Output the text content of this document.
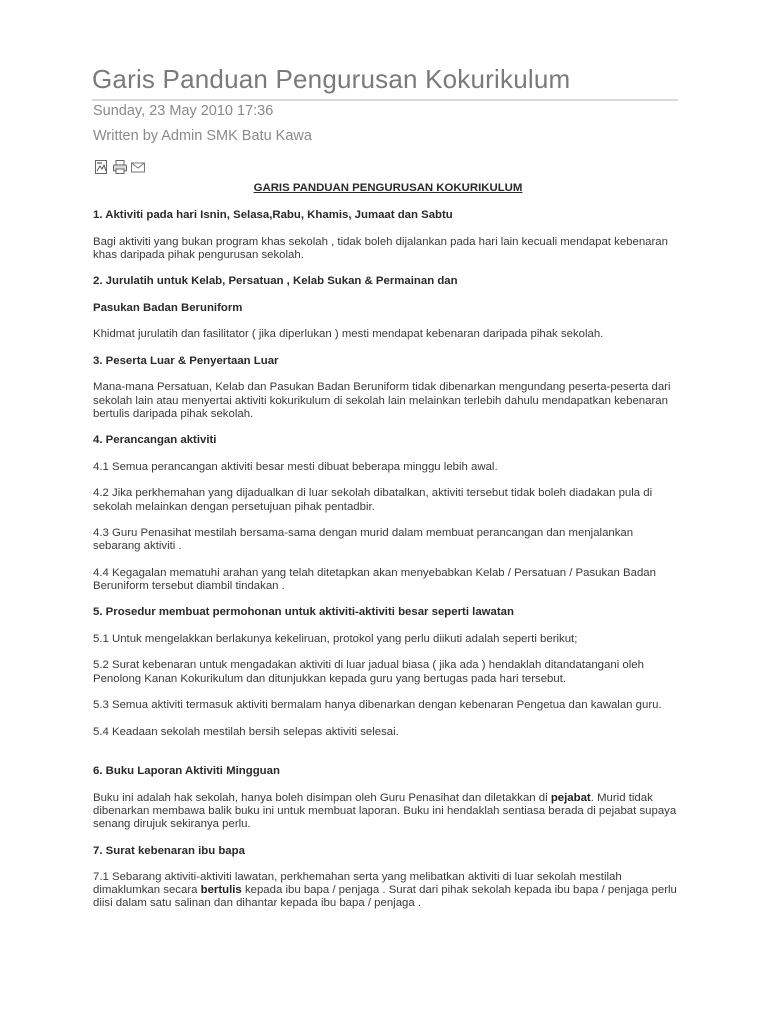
Garis Panduan Pengurusan Kokurikulum
Sunday, 23 May 2010 17:36
Written by Admin SMK Batu Kawa

GARIS PANDUAN PENGURUSAN KOKURIKULUM

1. Aktiviti pada hari Isnin, Selasa,Rabu, Khamis, Jumaat dan Sabtu

Bagi aktiviti yang bukan program khas sekolah , tidak boleh dijalankan pada hari lain kecuali mendapat kebenaran khas daripada pihak pengurusan sekolah.

2. Jurulatih untuk Kelab, Persatuan , Kelab Sukan & Permainan dan

Pasukan Badan Beruniform

Khidmat jurulatih dan fasilitator ( jika diperlukan ) mesti mendapat kebenaran daripada pihak sekolah.

3. Peserta Luar & Penyertaan Luar

Mana-mana Persatuan, Kelab dan Pasukan Badan Beruniform tidak dibenarkan mengundang peserta-peserta dari sekolah lain atau menyertai aktiviti kokurikulum di sekolah lain melainkan terlebih dahulu mendapatkan kebenaran bertulis daripada pihak sekolah.

4. Perancangan aktiviti

4.1 Semua perancangan aktiviti besar mesti dibuat beberapa minggu lebih awal.

4.2 Jika perkhemahan yang dijadualkan di luar sekolah dibatalkan, aktiviti tersebut tidak boleh diadakan pula di sekolah melainkan dengan persetujuan pihak pentadbir.

4.3 Guru Penasihat mestilah bersama-sama dengan murid dalam membuat perancangan dan menjalankan sebarang aktiviti .

4.4 Kegagalan mematuhi arahan yang telah ditetapkan akan menyebabkan Kelab / Persatuan / Pasukan Badan Beruniform tersebut diambil tindakan .

5. Prosedur membuat permohonan untuk aktiviti-aktiviti besar seperti lawatan

5.1 Untuk mengelakkan berlakunya kekeliruan, protokol yang perlu diikuti adalah seperti berikut;

5.2 Surat kebenaran untuk mengadakan aktiviti di luar jadual biasa ( jika ada ) hendaklah ditandatangani oleh Penolong Kanan Kokurikulum dan ditunjukkan kepada guru yang bertugas pada hari tersebut.

5.3 Semua aktiviti termasuk aktiviti bermalam hanya dibenarkan dengan kebenaran Pengetua dan kawalan guru.

5.4 Keadaan sekolah mestilah bersih selepas aktiviti selesai.

6. Buku Laporan Aktiviti Mingguan

Buku ini adalah hak sekolah, hanya boleh disimpan oleh Guru Penasihat dan diletakkan di pejabat. Murid tidak dibenarkan membawa balik buku ini untuk membuat laporan. Buku ini hendaklah sentiasa berada di pejabat supaya senang dirujuk sekiranya perlu.

7. Surat kebenaran ibu bapa

7.1 Sebarang aktiviti-aktiviti lawatan, perkhemahan serta yang melibatkan aktiviti di luar sekolah mestilah dimaklumkan secara bertulis kepada ibu bapa / penjaga . Surat dari pihak sekolah kepada ibu bapa / penjaga perlu diisi dalam satu salinan dan dihantar kepada ibu bapa / penjaga .
